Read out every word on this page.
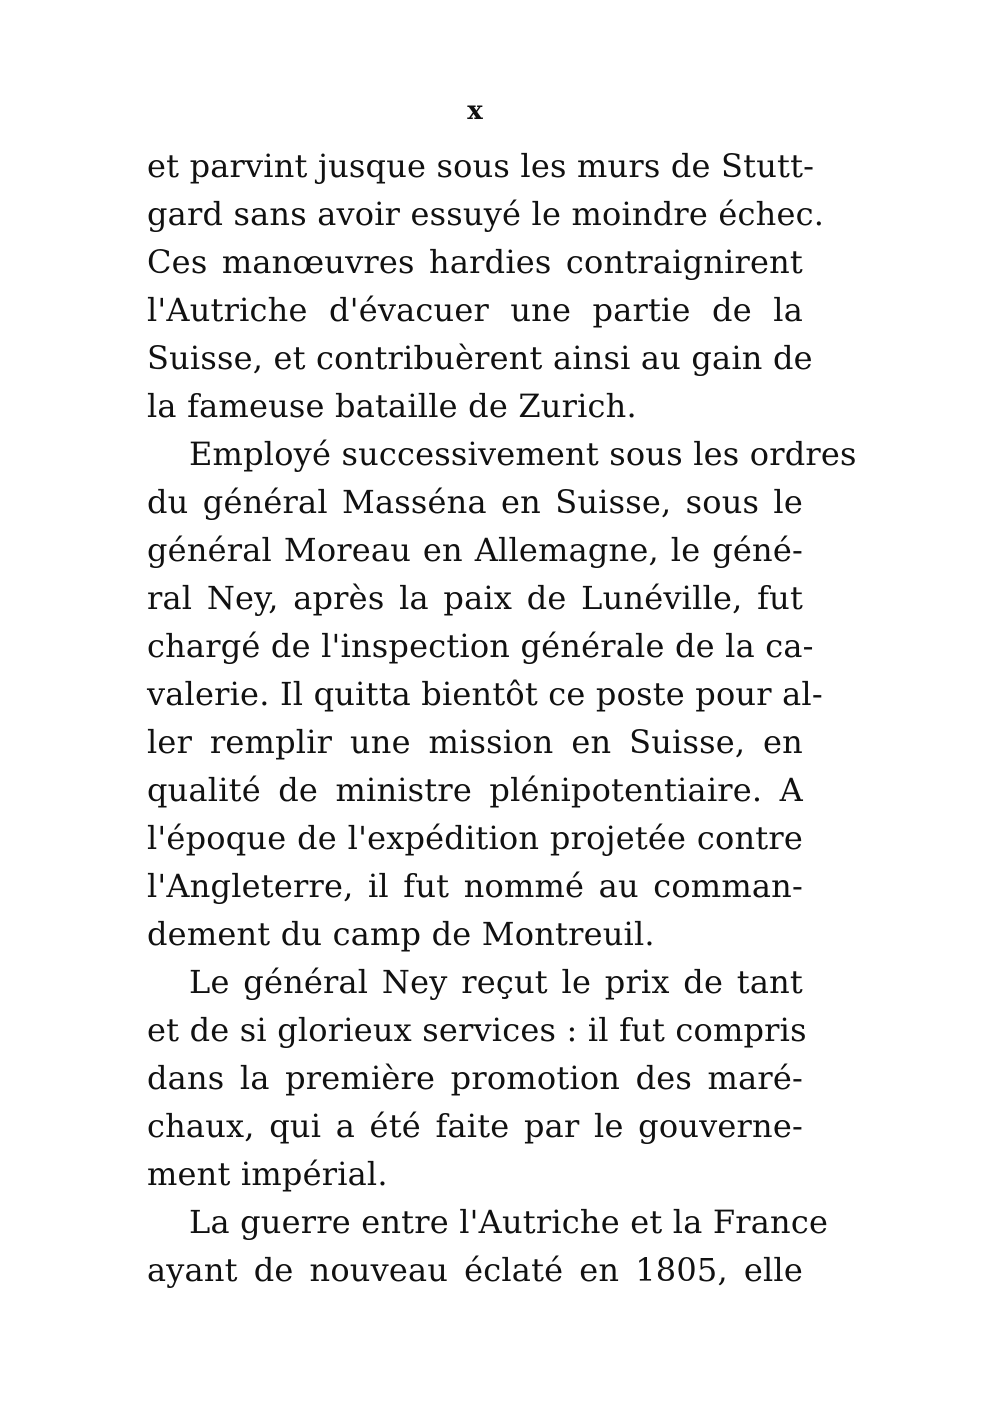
x
et parvint jusque sous les murs de Stutt-
gard sans avoir essuyé le moindre échec.
Ces manœuvres hardies contraignirent
l'Autriche d'évacuer une partie de la
Suisse, et contribuèrent ainsi au gain de
la fameuse bataille de Zurich.
Employé successivement sous les ordres
du général Masséna en Suisse, sous le
général Moreau en Allemagne, le géné-
ral Ney, après la paix de Lunéville, fut
chargé de l'inspection générale de la ca-
valerie. Il quitta bientôt ce poste pour al-
ler remplir une mission en Suisse, en
qualité de ministre plénipotentiaire. A
l'époque de l'expédition projetée contre
l'Angleterre, il fut nommé au comman-
dement du camp de Montreuil.
Le général Ney reçut le prix de tant
et de si glorieux services : il fut compris
dans la première promotion des maré-
chaux, qui a été faite par le gouverne-
ment impérial.
La guerre entre l'Autriche et la France
ayant de nouveau éclaté en 1805, elle
